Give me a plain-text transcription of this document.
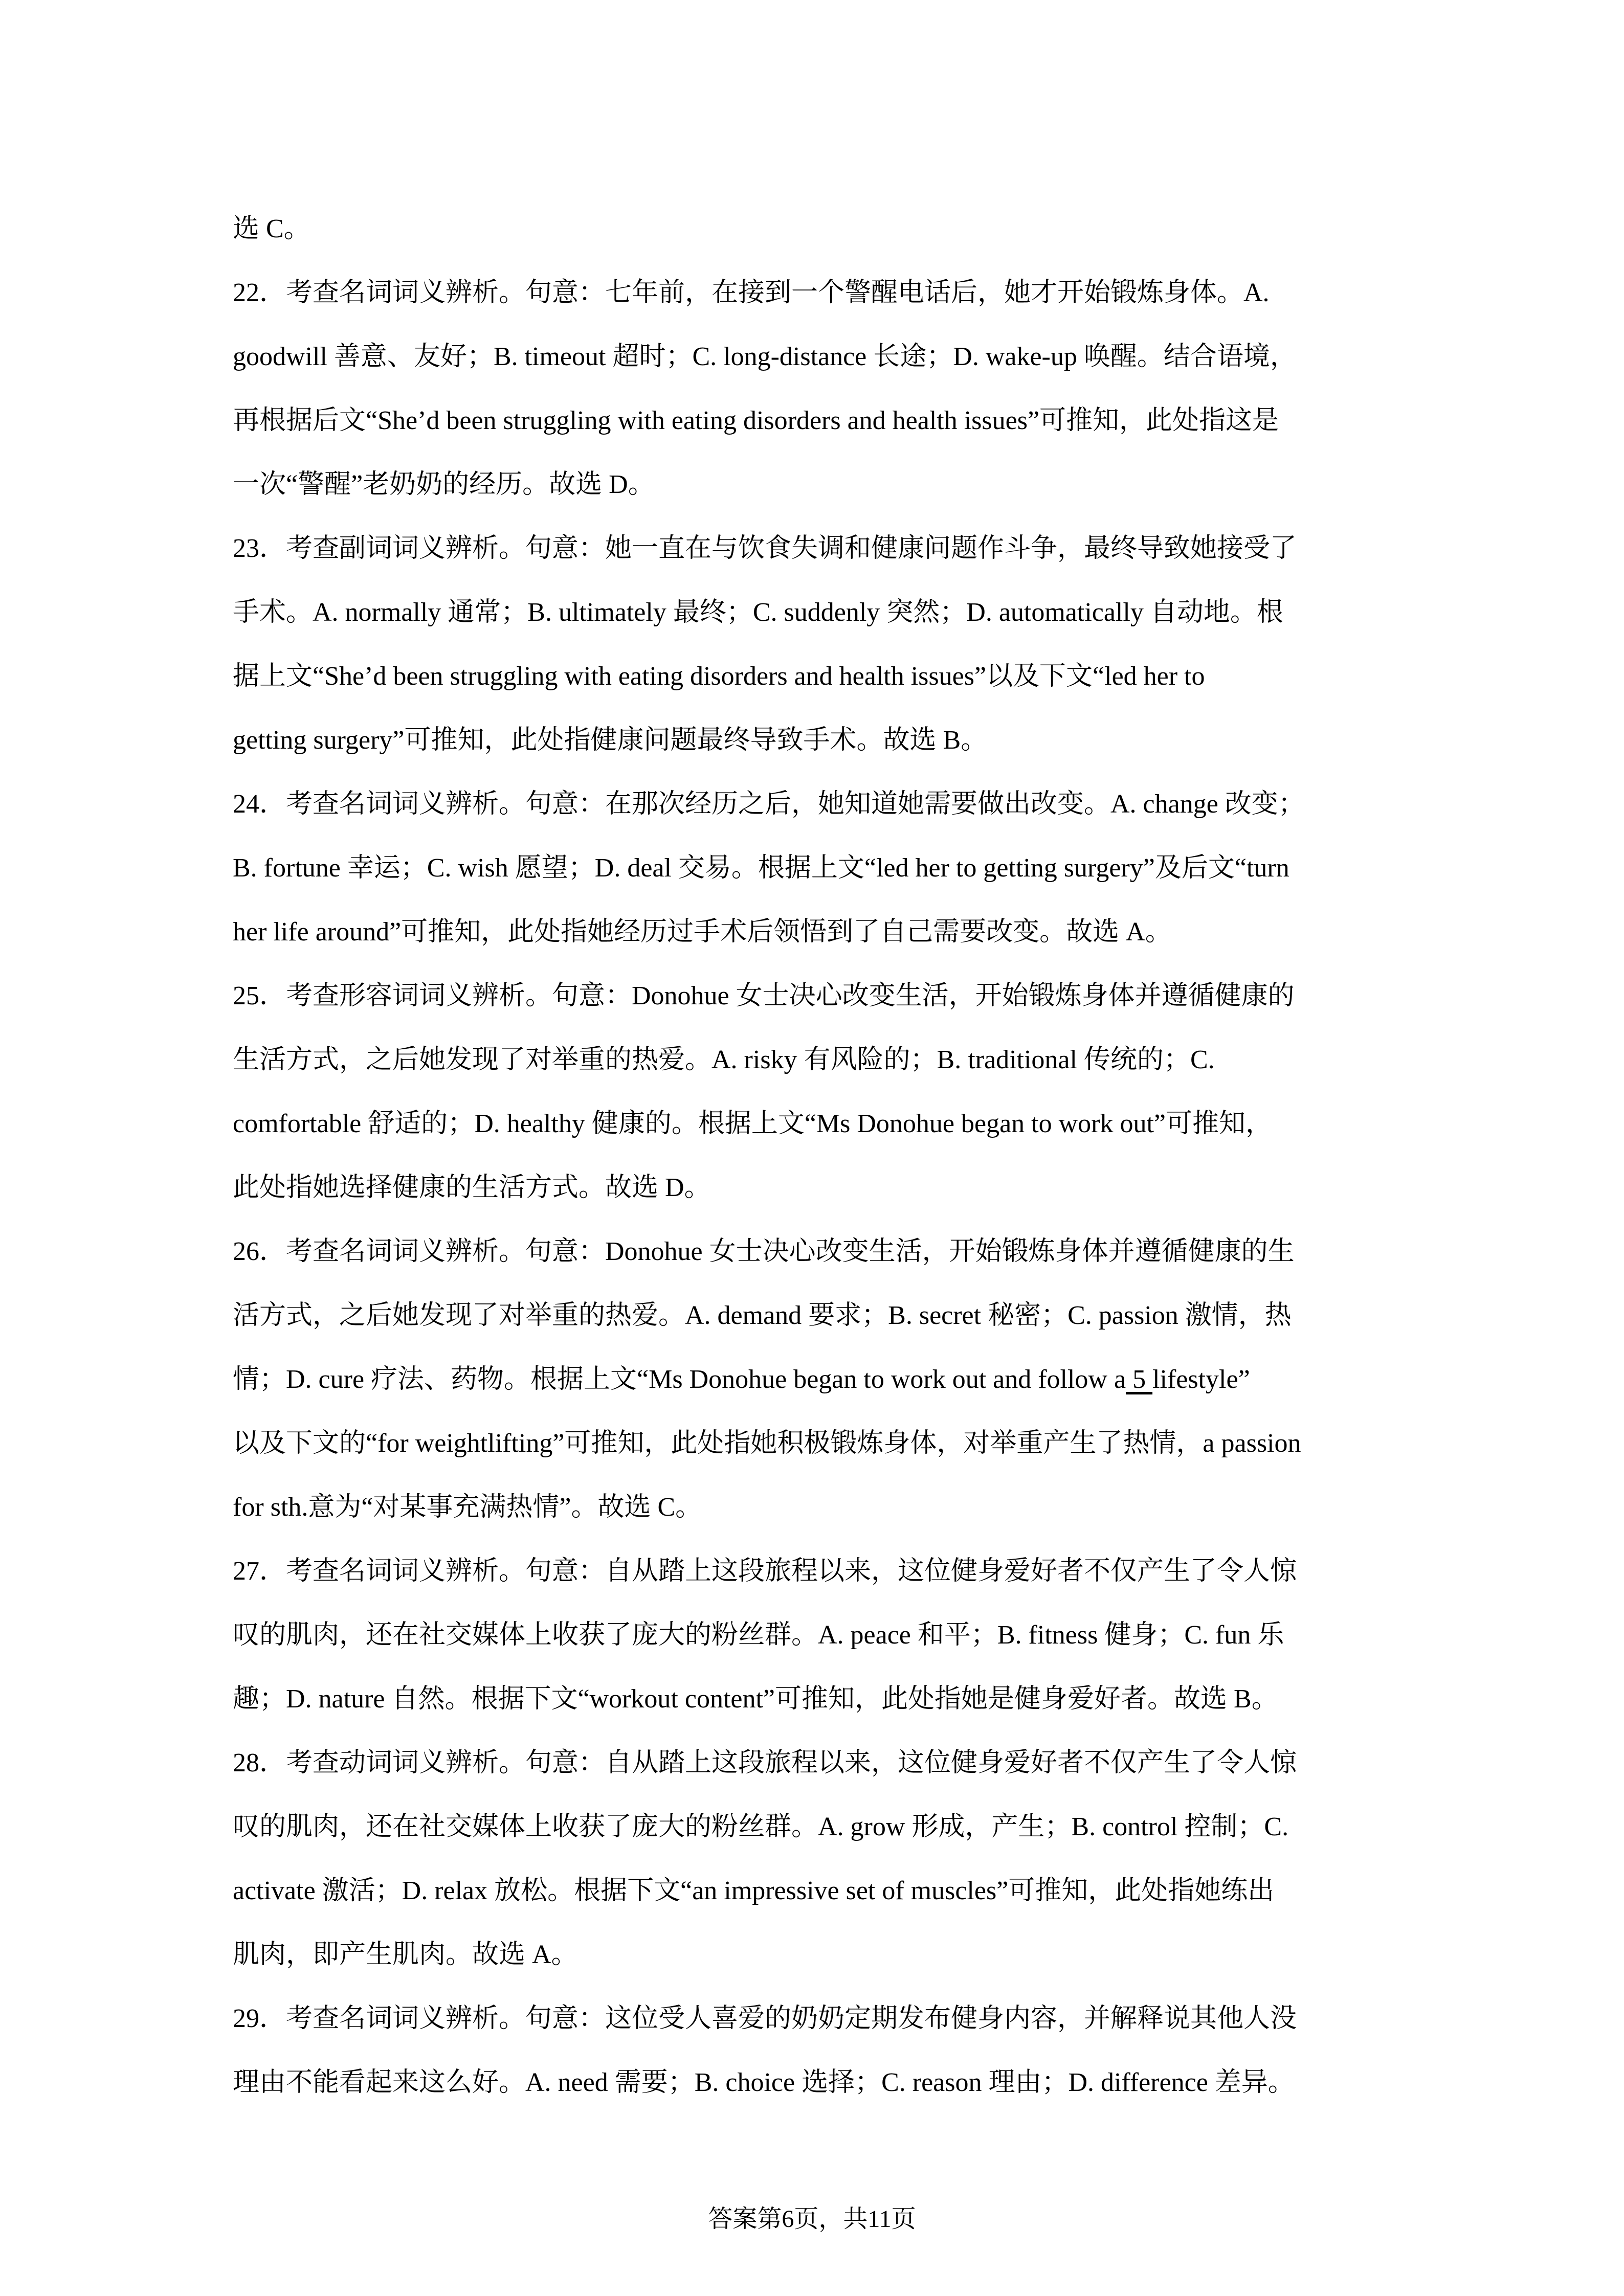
选 C。
22．考查名词词义辨析。句意：七年前，在接到一个警醒电话后，她才开始锻炼身体。A.
goodwill 善意、友好；B. timeout 超时；C. long-distance 长途；D. wake-up 唤醒。结合语境，
再根据后文“She’d been struggling with eating disorders and health issues”可推知，此处指这是
一次“警醒”老奶奶的经历。故选 D。
23．考查副词词义辨析。句意：她一直在与饮食失调和健康问题作斗争，最终导致她接受了
手术。A. normally 通常；B. ultimately 最终；C. suddenly 突然；D. automatically 自动地。根
据上文“She’d been struggling with eating disorders and health issues”以及下文“led her to
getting surgery”可推知，此处指健康问题最终导致手术。故选 B。
24．考查名词词义辨析。句意：在那次经历之后，她知道她需要做出改变。A. change 改变；
B. fortune 幸运；C. wish 愿望；D. deal 交易。根据上文“led her to getting surgery”及后文“turn
her life around”可推知，此处指她经历过手术后领悟到了自己需要改变。故选 A。
25．考查形容词词义辨析。句意：Donohue 女士决心改变生活，开始锻炼身体并遵循健康的
生活方式，之后她发现了对举重的热爱。A. risky 有风险的；B. traditional 传统的；C.
comfortable 舒适的；D. healthy 健康的。根据上文“Ms Donohue began to work out”可推知，
此处指她选择健康的生活方式。故选 D。
26．考查名词词义辨析。句意：Donohue 女士决心改变生活，开始锻炼身体并遵循健康的生
活方式，之后她发现了对举重的热爱。A. demand 要求；B. secret 秘密；C. passion 激情，热
情；D. cure 疗法、药物。根据上文“Ms Donohue began to work out and follow a 5 lifestyle”
以及下文的“for weightlifting”可推知，此处指她积极锻炼身体，对举重产生了热情，a passion
for sth.意为“对某事充满热情”。故选 C。
27．考查名词词义辨析。句意：自从踏上这段旅程以来，这位健身爱好者不仅产生了令人惊
叹的肌肉，还在社交媒体上收获了庞大的粉丝群。A. peace 和平；B. fitness 健身；C. fun 乐
趣；D. nature 自然。根据下文“workout content”可推知，此处指她是健身爱好者。故选 B。
28．考查动词词义辨析。句意：自从踏上这段旅程以来，这位健身爱好者不仅产生了令人惊
叹的肌肉，还在社交媒体上收获了庞大的粉丝群。A. grow 形成，产生；B. control 控制；C.
activate 激活；D. relax 放松。根据下文“an impressive set of muscles”可推知，此处指她练出
肌肉，即产生肌肉。故选 A。
29．考查名词词义辨析。句意：这位受人喜爱的奶奶定期发布健身内容，并解释说其他人没
理由不能看起来这么好。A. need 需要；B. choice 选择；C. reason 理由；D. difference 差异。
答案第6页，共11页
